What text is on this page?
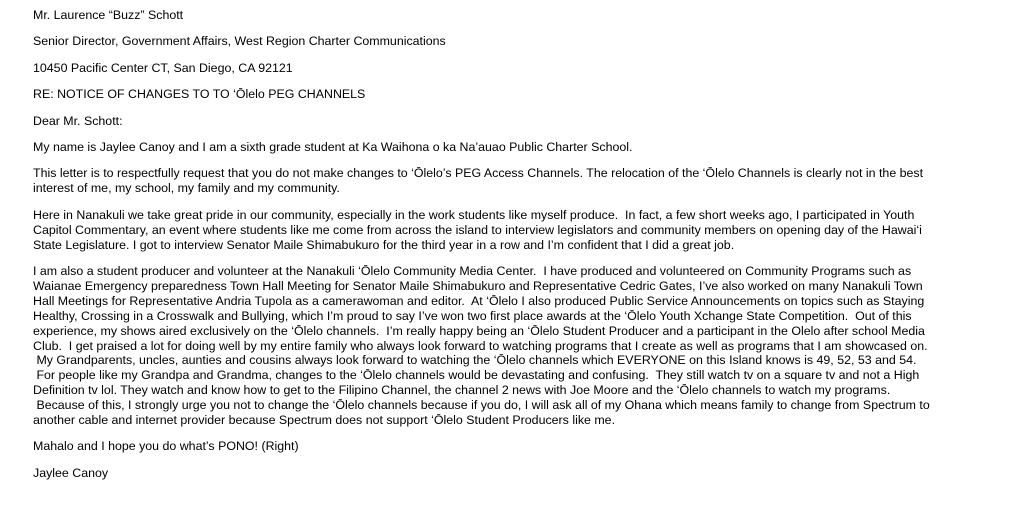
Mr. Laurence “Buzz” Schott

Senior Director, Government Affairs, West Region Charter Communications

10450 Pacific Center CT, San Diego, CA 92121

RE: NOTICE OF CHANGES TO TO ‘Ōlelo PEG CHANNELS

Dear Mr. Schott:

My name is Jaylee Canoy and I am a sixth grade student at Ka Waihona o ka Na’auao Public Charter School.

This letter is to respectfully request that you do not make changes to ‘Ōlelo’s PEG Access Channels. The relocation of the ‘Ōlelo Channels is clearly not in the best

interest of me, my school, my family and my community.

Here in Nanakuli we take great pride in our community, especially in the work students like myself produce.  In fact, a few short weeks ago, I participated in Youth

Capitol Commentary, an event where students like me come from across the island to interview legislators and community members on opening day of the Hawai‘i

State Legislature. I got to interview Senator Maile Shimabukuro for the third year in a row and I’m confident that I did a great job.

I am also a student producer and volunteer at the Nanakuli ‘Ōlelo Community Media Center.  I have produced and volunteered on Community Programs such as

Waianae Emergency preparedness Town Hall Meeting for Senator Maile Shimabukuro and Representative Cedric Gates, I’ve also worked on many Nanakuli Town

Hall Meetings for Representative Andria Tupola as a camerawoman and editor.  At ‘Ōlelo I also produced Public Service Announcements on topics such as Staying

Healthy, Crossing in a Crosswalk and Bullying, which I’m proud to say I’ve won two first place awards at the ‘Ōlelo Youth Xchange State Competition.  Out of this

experience, my shows aired exclusively on the ‘Ōlelo channels.  I’m really happy being an ‘Ōlelo Student Producer and a participant in the Olelo after school Media

Club.  I get praised a lot for doing well by my entire family who always look forward to watching programs that I create as well as programs that I am showcased on.

My Grandparents, uncles, aunties and cousins always look forward to watching the ‘Ōlelo channels which EVERYONE on this Island knows is 49, 52, 53 and 54.

For people like my Grandpa and Grandma, changes to the ‘Ōlelo channels would be devastating and confusing.  They still watch tv on a square tv and not a High

Definition tv lol. They watch and know how to get to the Filipino Channel, the channel 2 news with Joe Moore and the ‘Ōlelo channels to watch my programs.

Because of this, I strongly urge you not to change the ‘Ōlelo channels because if you do, I will ask all of my Ohana which means family to change from Spectrum to

another cable and internet provider because Spectrum does not support ‘Ōlelo Student Producers like me.

Mahalo and I hope you do what’s PONO! (Right)

Jaylee Canoy
